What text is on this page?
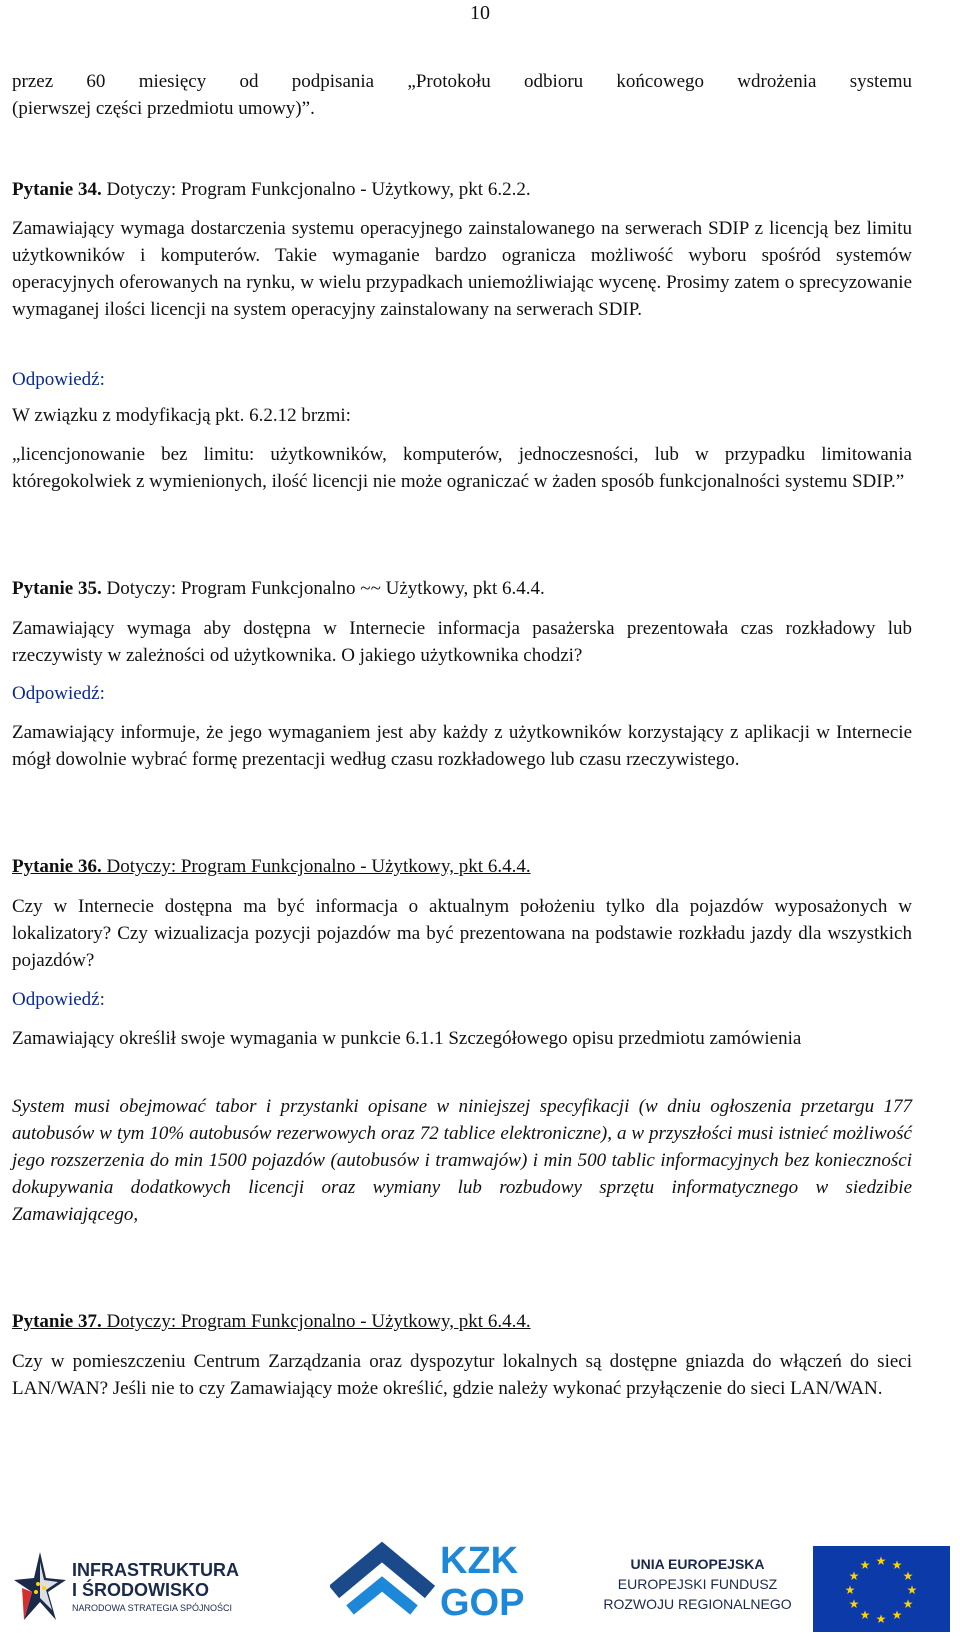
10
przez 60 miesięcy od podpisania „Protokołu odbioru końcowego wdrożenia systemu
(pierwszej części przedmiotu umowy)”.
Pytanie 34. Dotyczy: Program Funkcjonalno - Użytkowy, pkt 6.2.2.
Zamawiający wymaga dostarczenia systemu operacyjnego zainstalowanego na serwerach SDIP z licencją bez limitu użytkowników i komputerów. Takie wymaganie bardzo ogranicza możliwość wyboru spośród systemów operacyjnych oferowanych na rynku, w wielu przypadkach uniemożliwiając wycenę. Prosimy zatem o sprecyzowanie wymaganej ilości licencji na system operacyjny zainstalowany na serwerach SDIP.
Odpowiedź:
W związku z modyfikacją pkt. 6.2.12 brzmi:
„licencjonowanie bez limitu: użytkowników, komputerów, jednoczesności, lub w przypadku limitowania któregokolwiek z wymienionych, ilość licencji nie może ograniczać w żaden sposób funkcjonalności systemu SDIP.”
Pytanie 35. Dotyczy: Program Funkcjonalno ~~ Użytkowy, pkt 6.4.4.
Zamawiający wymaga aby dostępna w Internecie informacja pasażerska prezentowała czas rozkładowy lub rzeczywisty w zależności od użytkownika. O jakiego użytkownika chodzi?
Odpowiedź:
Zamawiający informuje, że jego wymaganiem jest aby każdy z użytkowników korzystający z aplikacji w Internecie mógł dowolnie wybrać formę prezentacji według czasu rozkładowego lub czasu rzeczywistego.
Pytanie 36. Dotyczy: Program Funkcjonalno - Użytkowy, pkt 6.4.4.
Czy w Internecie dostępna ma być informacja o aktualnym położeniu tylko dla pojazdów wyposażonych w lokalizatory? Czy wizualizacja pozycji pojazdów ma być prezentowana na podstawie rozkładu jazdy dla wszystkich pojazdów?
Odpowiedź:
Zamawiający określił swoje wymagania w punkcie 6.1.1 Szczegółowego opisu przedmiotu zamówienia
System musi obejmować tabor i przystanki opisane w niniejszej specyfikacji (w dniu ogłoszenia przetargu 177 autobusów w tym 10% autobusów rezerwowych oraz 72 tablice elektroniczne), a w przyszłości musi istnieć możliwość jego rozszerzenia do min 1500 pojazdów (autobusów i tramwajów) i min 500 tablic informacyjnych bez konieczności dokupywania dodatkowych licencji oraz wymiany lub rozbudowy sprzętu informatycznego w siedzibie Zamawiającego,
Pytanie 37. Dotyczy: Program Funkcjonalno - Użytkowy, pkt 6.4.4.
Czy w pomieszczeniu Centrum Zarządzania oraz dyspozytur lokalnych są dostępne gniazda do włączeń do sieci LAN/WAN? Jeśli nie to czy Zamawiający może określić, gdzie należy wykonać przyłączenie do sieci LAN/WAN.
INFRASTRUKTURA
I ŚRODOWISKO
NARODOWA STRATEGIA SPÓJNOŚCI
KZK
GOP
UNIA EUROPEJSKA
EUROPEJSKI FUNDUSZ
ROZWOJU REGIONALNEGO
★ ★
★
★
★
★
★
★
★
★
★
★
